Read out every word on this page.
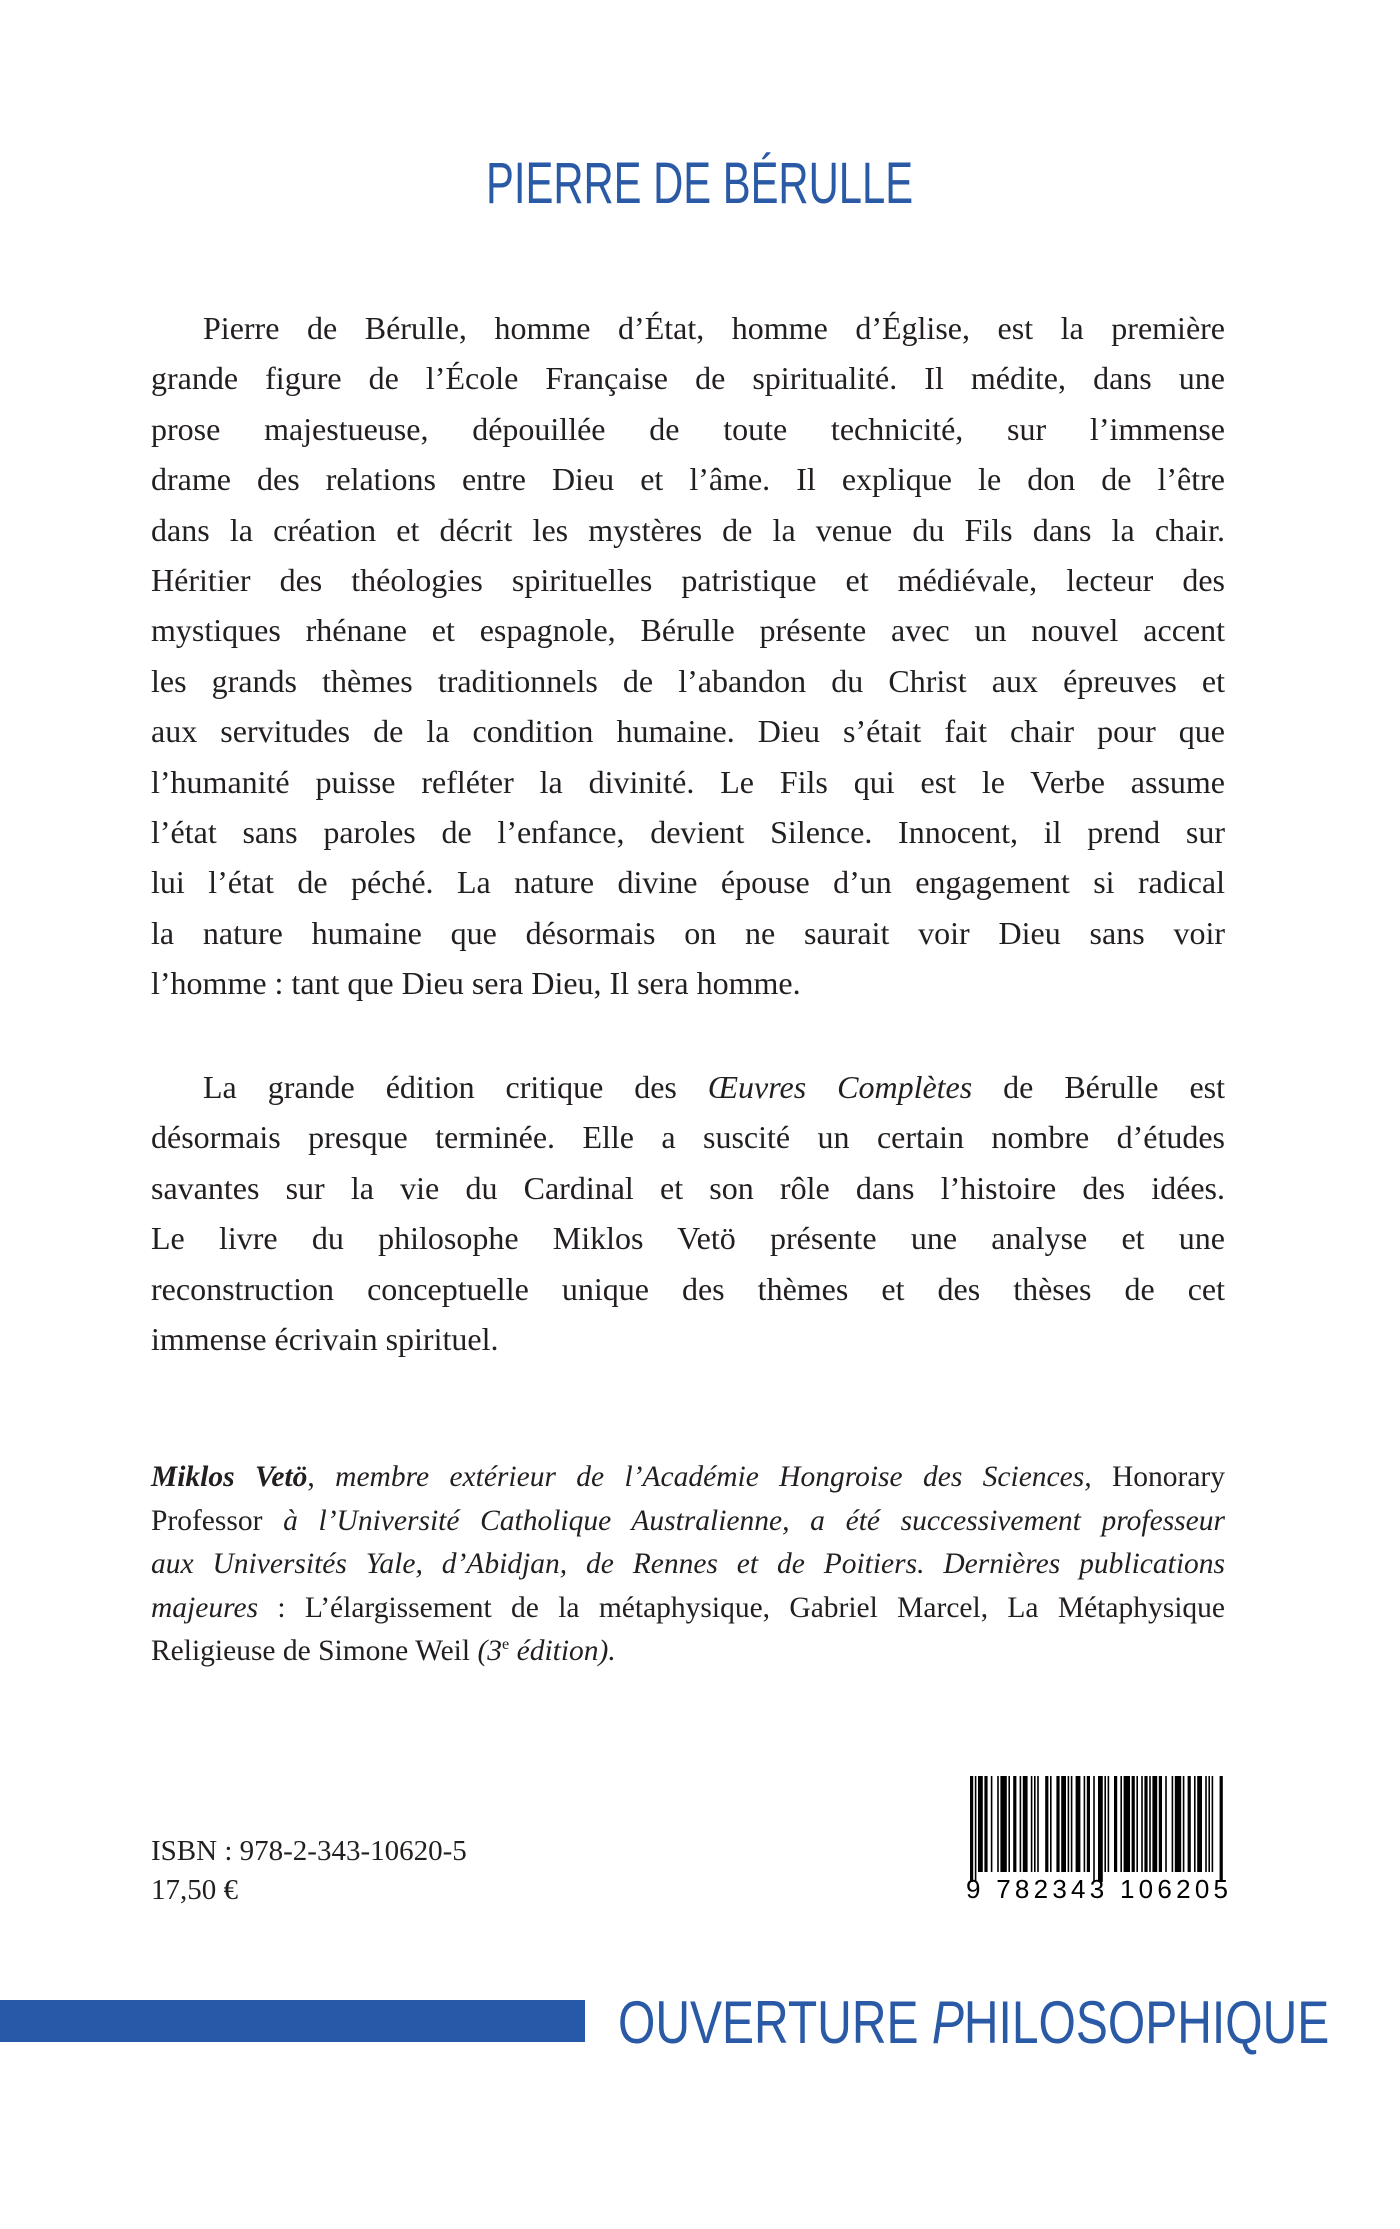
PIERRE DE BÉRULLE
Pierre de Bérulle, homme d’État, homme d’Église, est la première
grande figure de l’École Française de spiritualité. Il médite, dans une
prose majestueuse, dépouillée de toute technicité, sur l’immense
drame des relations entre Dieu et l’âme. Il explique le don de l’être
dans la création et décrit les mystères de la venue du Fils dans la chair.
Héritier des théologies spirituelles patristique et médiévale, lecteur des
mystiques rhénane et espagnole, Bérulle présente avec un nouvel accent
les grands thèmes traditionnels de l’abandon du Christ aux épreuves et
aux servitudes de la condition humaine. Dieu s’était fait chair pour que
l’humanité puisse refléter la divinité. Le Fils qui est le Verbe assume
l’état sans paroles de l’enfance, devient Silence. Innocent, il prend sur
lui l’état de péché. La nature divine épouse d’un engagement si radical
la nature humaine que désormais on ne saurait voir Dieu sans voir
l’homme : tant que Dieu sera Dieu, Il sera homme.
La grande édition critique des Œuvres Complètes de Bérulle est
désormais presque terminée. Elle a suscité un certain nombre d’études
savantes sur la vie du Cardinal et son rôle dans l’histoire des idées.
Le livre du philosophe Miklos Vetö présente une analyse et une
reconstruction conceptuelle unique des thèmes et des thèses de cet
immense écrivain spirituel.
Miklos Vetö, membre extérieur de l’Académie Hongroise des Sciences, Honorary
Professor à l’Université Catholique Australienne, a été successivement professeur
aux Universités Yale, d’Abidjan, de Rennes et de Poitiers. Dernières publications
majeures : L’élargissement de la métaphysique, Gabriel Marcel, La Métaphysique
Religieuse de Simone Weil (3e édition).
ISBN : 978-2-343-10620-5
17,50 €	9 782343 106205
OUVERTURE PHILOSOPHIQUE
